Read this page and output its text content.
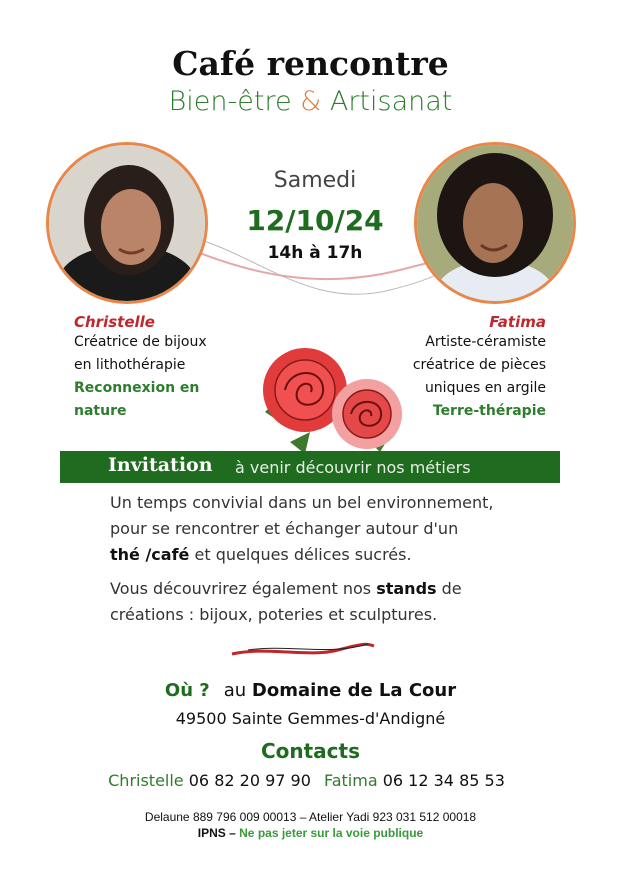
Café rencontre
Bien-être & Artisanat
Samedi
12/10/24
14h à 17h
Christelle
Créatrice de bijoux
en lithothérapie
Reconnexion en
nature
Fatima
Artiste-céramiste
créatrice de pièces
uniques en argile
Terre-thérapie
Invitation à venir découvrir nos métiers
Un temps convivial dans un bel environnement,
pour se rencontrer et échanger autour d'un
thé /café et quelques délices sucrés.
Vous découvrirez également nos stands de
créations : bijoux, poteries et sculptures.
Où ? au Domaine de La Cour
49500 Sainte Gemmes-d'Andigné
Contacts
Christelle 06 82 20 97 90 Fatima 06 12 34 85 53
Delaune 889 796 009 00013 – Atelier Yadi 923 031 512 00018
IPNS – Ne pas jeter sur la voie publique
